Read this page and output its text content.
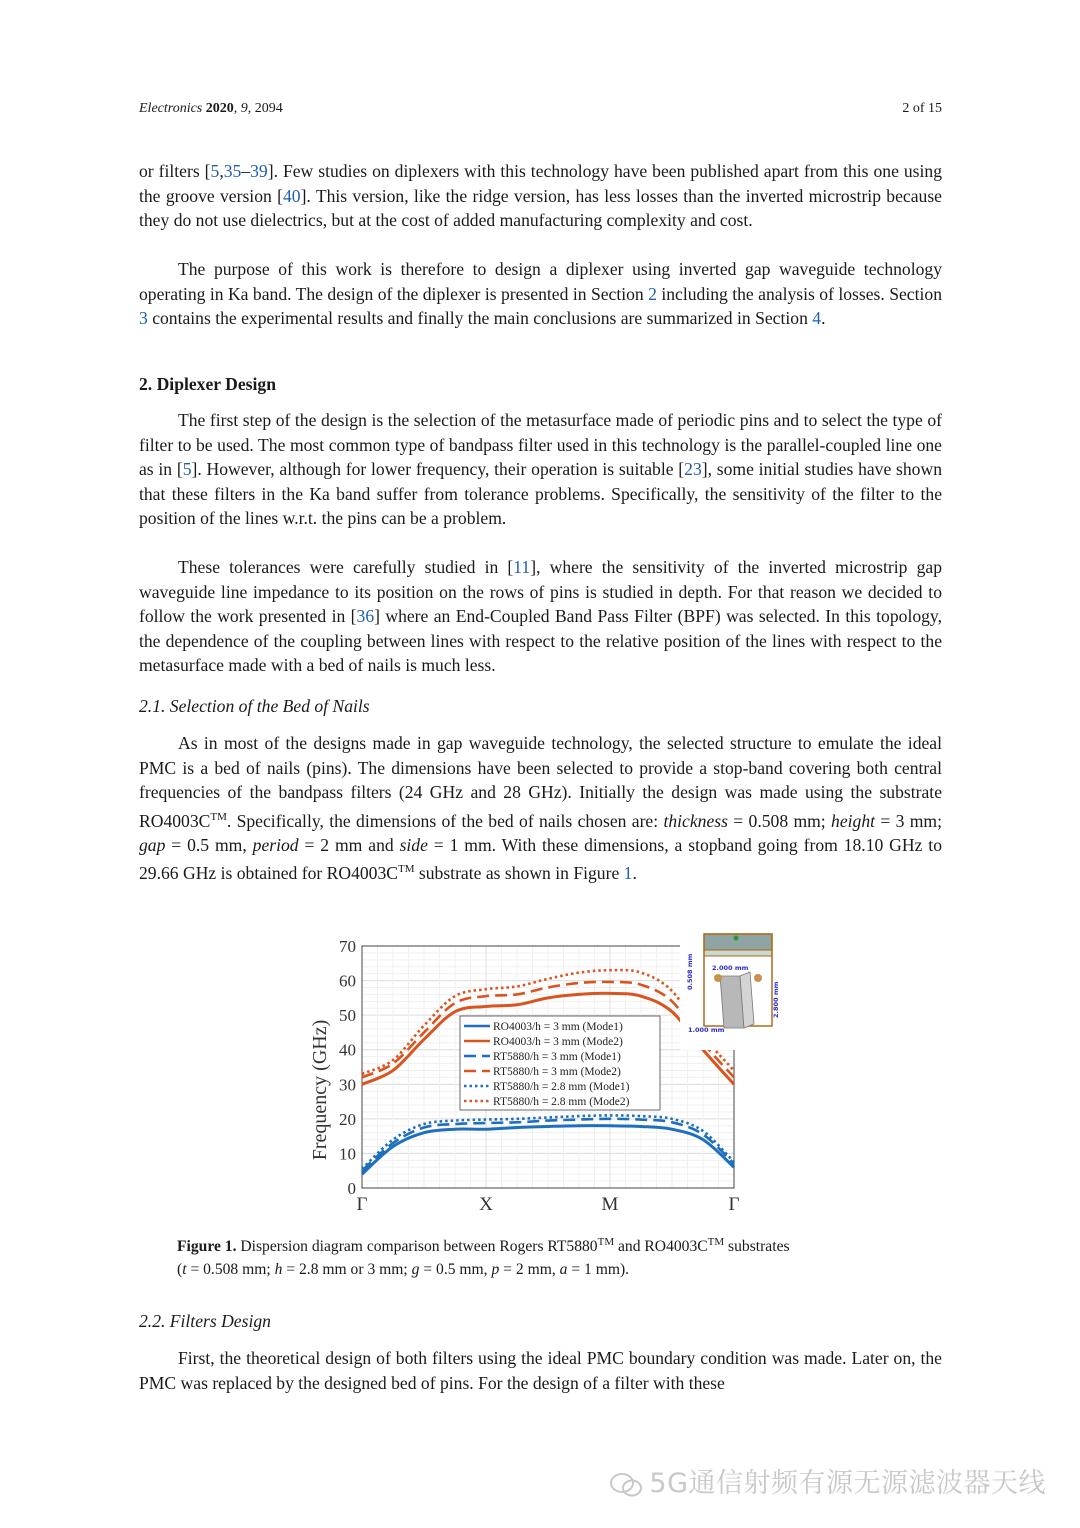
Electronics 2020, 9, 2094	2 of 15

or filters [5,35–39]. Few studies on diplexers with this technology have been published apart from this one using the groove version [40]. This version, like the ridge version, has less losses than the inverted microstrip because they do not use dielectrics, but at the cost of added manufacturing complexity and cost.

The purpose of this work is therefore to design a diplexer using inverted gap waveguide technology operating in Ka band. The design of the diplexer is presented in Section 2 including the analysis of losses. Section 3 contains the experimental results and finally the main conclusions are summarized in Section 4.

2. Diplexer Design

The first step of the design is the selection of the metasurface made of periodic pins and to select the type of filter to be used. The most common type of bandpass filter used in this technology is the parallel-coupled line one as in [5]. However, although for lower frequency, their operation is suitable [23], some initial studies have shown that these filters in the Ka band suffer from tolerance problems. Specifically, the sensitivity of the filter to the position of the lines w.r.t. the pins can be a problem.

These tolerances were carefully studied in [11], where the sensitivity of the inverted microstrip gap waveguide line impedance to its position on the rows of pins is studied in depth. For that reason we decided to follow the work presented in [36] where an End-Coupled Band Pass Filter (BPF) was selected. In this topology, the dependence of the coupling between lines with respect to the relative position of the lines with respect to the metasurface made with a bed of nails is much less.

2.1. Selection of the Bed of Nails

As in most of the designs made in gap waveguide technology, the selected structure to emulate the ideal PMC is a bed of nails (pins). The dimensions have been selected to provide a stop-band covering both central frequencies of the bandpass filters (24 GHz and 28 GHz). Initially the design was made using the substrate RO4003C™. Specifically, the dimensions of the bed of nails chosen are: thickness = 0.508 mm; height = 3 mm; gap = 0.5 mm, period = 2 mm and side = 1 mm. With these dimensions, a stopband going from 18.10 GHz to 29.66 GHz is obtained for RO4003C™ substrate as shown in Figure 1.

2.2. Filters Design

First, the theoretical design of both filters using the ideal PMC boundary condition was made. Later on, the PMC was replaced by the designed bed of pins. For the design of a filter with these

0
10
20
30
40
50
60
70
Γ	X	M	Γ
Frequency (GHz)	RO4003/h = 3 mm (Mode1)
RO4003/h = 3 mm (Mode2)
RT5880/h = 3 mm (Mode1)
RT5880/h = 3 mm (Mode2)
RT5880/h = 2.8 mm (Mode1)
RT5880/h = 2.8 mm (Mode2)
0.508 mm	2.000 mm
2.800 mm
1.000 mm
Figure 1. Dispersion diagram comparison between Rogers RT5880™ and RO4003C™ substrates
(t = 0.508 mm; h = 2.8 mm or 3 mm; g = 0.5 mm, p = 2 mm, a = 1 mm).
5G通信射频有源无源滤波器天线
